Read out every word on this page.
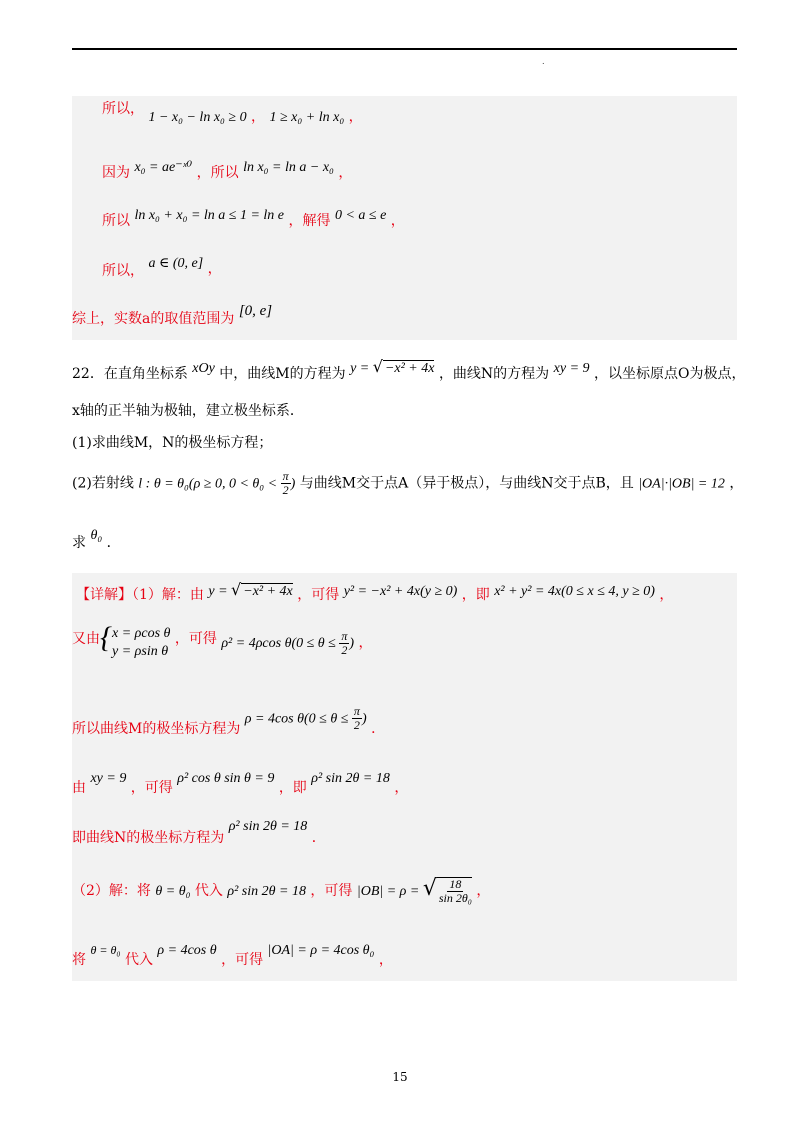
.
所以， 1 − x₀ − ln x₀ ≥ 0 ， 1 ≥ x₀ + ln x₀ ，
因为 x₀ = ae⁻ˣ⁰ ，所以 ln x₀ = ln a − x₀ ，
所以 ln x₀ + x₀ = ln a ≤ 1 = ln e ，解得 0 < a ≤ e ，
所以， a ∈ (0, e] ，
综上，实数a的取值范围为 [0, e]
22．在直角坐标系 xOy 中，曲线M的方程为 y = √ −x² + 4x ，曲线N的方程为 xy = 9 ，以坐标原点O为极点，
x轴的正半轴为极轴，建立极坐标系．
(1)求曲线M，N的极坐标方程；
(2)若射线 l : θ = θ₀(ρ ≥ 0, $0 < \theta_0 < \frac{\pi}{2}$ ) 与曲线M交于点A（异于极点），与曲线N交于点B，且 |OA|·|OB| = 12 ，
求 θ₀ ．
【详解】（1）解：由 y = √ −x² + 4x ，可得 y² = −x² + 4x(y ≥ 0) ，即 x² + y² = 4x(0 ≤ x ≤ 4, y ≥ 0) ，
又由{ x = ρcos θ
y = ρsin θ
，可得 ρ² = 4ρcos $\theta(0 \le \theta \le \frac{\pi}{2}$ ) ，
所以曲线M的极坐标方程为 ρ = 4cos $\theta(0 \le \theta \le \frac{\pi}{2}$ ) ．
由 xy = 9 ，可得 ρ² cos θ sin θ = 9 ，即 ρ² sin 2θ = 18 ，
即曲线N的极坐标方程为 ρ² sin 2θ = 18 ．
（2）解：将 θ = θ₀ 代入 ρ² sin 2θ = 18 ，可得 |OB| = ρ = √ $\frac{18}{\text{sin 2θ₀}}$ ，
将 θ = θ₀ 代入 ρ = 4cos θ ，可得 |OA| = ρ = 4cos θ₀ ，
15
